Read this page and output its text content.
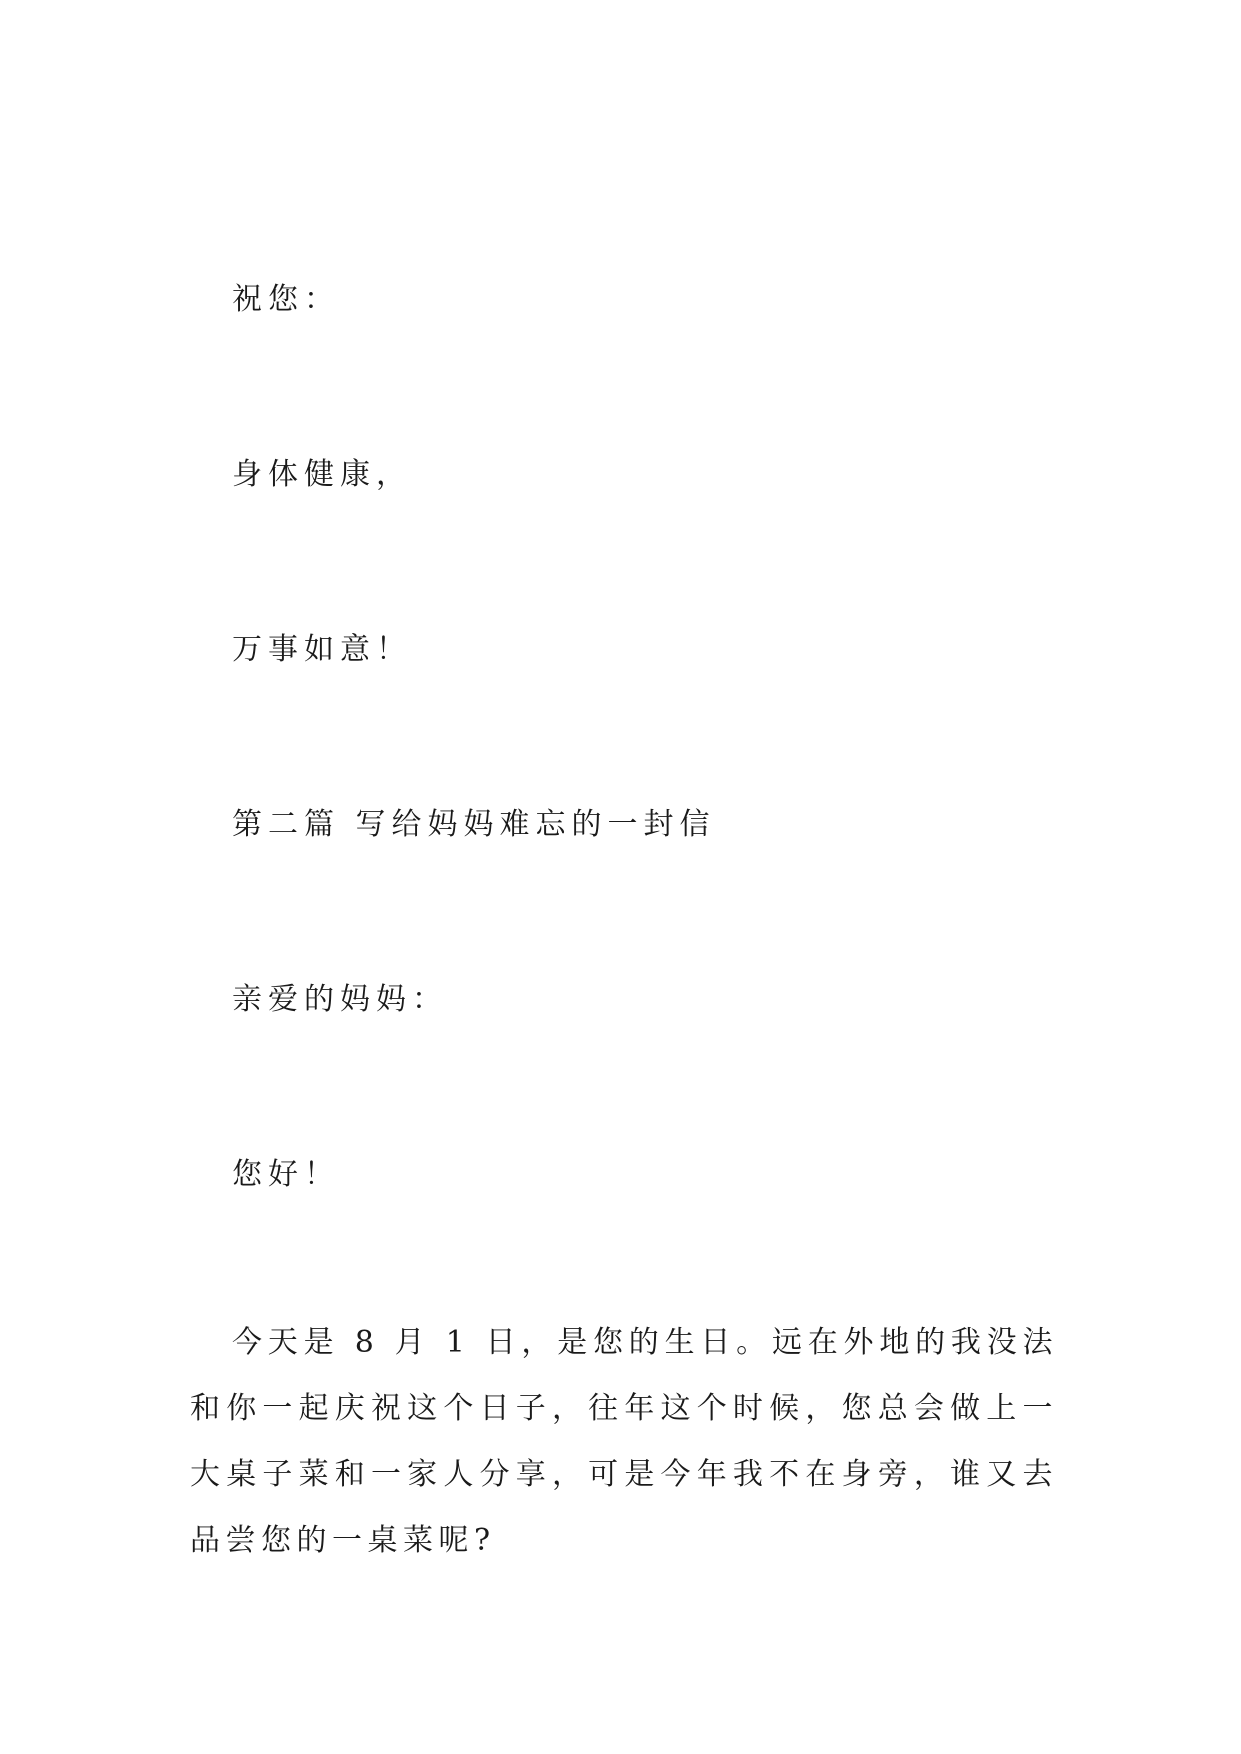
祝您：
身体健康，
万事如意！
第二篇 写给妈妈难忘的一封信
亲爱的妈妈：
您好！
今天是 8 月 1 日，是您的生日。远在外地的我没法和你一起庆祝这个日子，往年这个时候，您总会做上一大桌子菜和一家人分享，可是今年我不在身旁，谁又去品尝您的一桌菜呢?
